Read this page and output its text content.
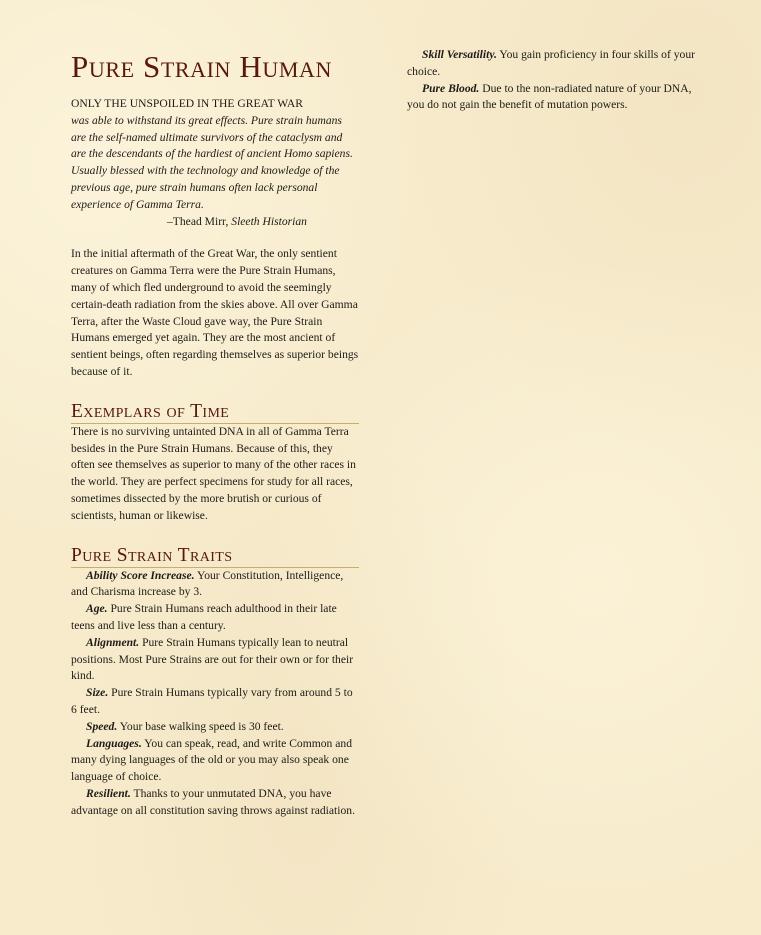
Pure Strain Human
ONLY THE UNSPOILED IN THE GREAT WAR
was able to withstand its great effects. Pure strain humans are the self-named ultimate survivors of the cataclysm and are the descendants of the hardiest of ancient Homo sapiens. Usually blessed with the technology and knowledge of the previous age, pure strain humans often lack personal experience of Gamma Terra.
–Thead Mirr, Sleeth Historian

In the initial aftermath of the Great War, the only sentient creatures on Gamma Terra were the Pure Strain Humans, many of which fled underground to avoid the seemingly certain-death radiation from the skies above. All over Gamma Terra, after the Waste Cloud gave way, the Pure Strain Humans emerged yet again. They are the most ancient of sentient beings, often regarding themselves as superior beings because of it.

Exemplars of Time

There is no surviving untainted DNA in all of Gamma Terra besides in the Pure Strain Humans. Because of this, they often see themselves as superior to many of the other races in the world. They are perfect specimens for study for all races, sometimes dissected by the more brutish or curious of scientists, human or likewise.

Pure Strain Traits

Ability Score Increase. Your Constitution, Intelligence, and Charisma increase by 3.

Age. Pure Strain Humans reach adulthood in their late teens and live less than a century.

Alignment. Pure Strain Humans typically lean to neutral positions. Most Pure Strains are out for their own or for their kind.

Size. Pure Strain Humans typically vary from around 5 to 6 feet.

Speed. Your base walking speed is 30 feet.

Languages. You can speak, read, and write Common and many dying languages of the old or you may also speak one language of choice.

Resilient. Thanks to your unmutated DNA, you have advantage on all constitution saving throws against radiation.

Skill Versatility. You gain proficiency in four skills of your choice.

Pure Blood. Due to the non-radiated nature of your DNA, you do not gain the benefit of mutation powers.
